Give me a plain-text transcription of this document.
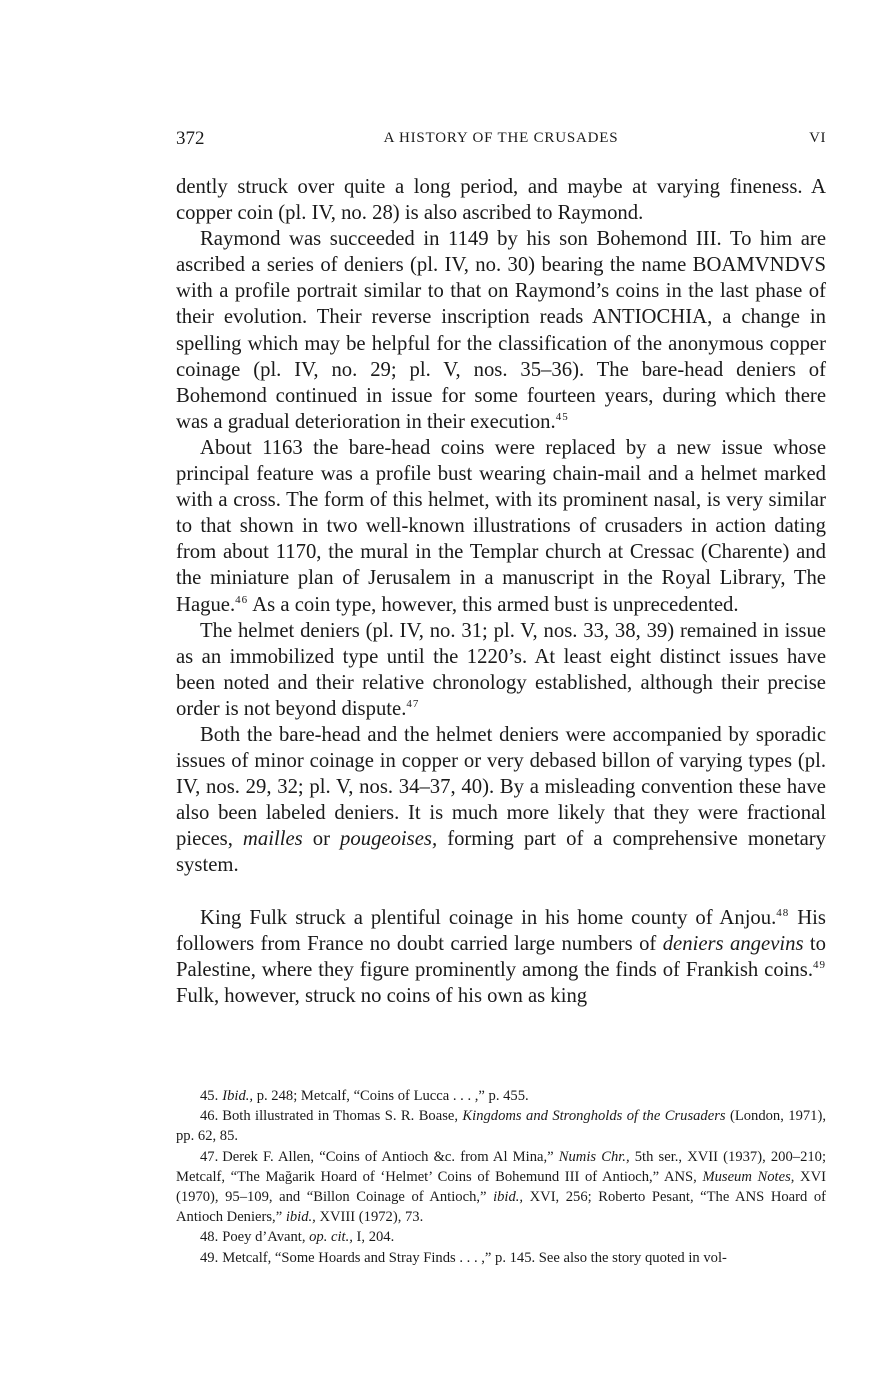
372	A HISTORY OF THE CRUSADES	VI

dently struck over quite a long period, and maybe at varying fineness. A copper coin (pl. IV, no. 28) is also ascribed to Raymond.

Raymond was succeeded in 1149 by his son Bohemond III. To him are ascribed a series of deniers (pl. IV, no. 30) bearing the name BOAMVNDVS with a profile portrait similar to that on Raymond’s coins in the last phase of their evolution. Their reverse inscription reads ANTIOCHIA, a change in spelling which may be helpful for the classification of the anonymous copper coinage (pl. IV, no. 29; pl. V, nos. 35–36). The bare-head deniers of Bohemond continued in issue for some fourteen years, during which there was a gradual deterioration in their execution.$^{45}$

About 1163 the bare-head coins were replaced by a new issue whose principal feature was a profile bust wearing chain-mail and a helmet marked with a cross. The form of this helmet, with its prominent nasal, is very similar to that shown in two well-known illustrations of crusaders in action dating from about 1170, the mural in the Templar church at Cressac (Charente) and the miniature plan of Jerusalem in a manuscript in the Royal Library, The Hague.$^{46}$ As a coin type, however, this armed bust is unprecedented.

The helmet deniers (pl. IV, no. 31; pl. V, nos. 33, 38, 39) remained in issue as an immobilized type until the 1220’s. At least eight distinct issues have been noted and their relative chronology established, although their precise order is not beyond dispute.$^{47}$

Both the bare-head and the helmet deniers were accompanied by sporadic issues of minor coinage in copper or very debased billon of varying types (pl. IV, nos. 29, 32; pl. V, nos. 34–37, 40). By a misleading convention these have also been labeled deniers. It is much more likely that they were fractional pieces, mailles or pougeoises, forming part of a comprehensive monetary system.

King Fulk struck a plentiful coinage in his home county of Anjou.$^{48}$ His followers from France no doubt carried large numbers of deniers angevins to Palestine, where they figure prominently among the finds of Frankish coins.$^{49}$ Fulk, however, struck no coins of his own as king

45. Ibid., p. 248; Metcalf, “Coins of Lucca . . . ,” p. 455.

46. Both illustrated in Thomas S. R. Boase, Kingdoms and Strongholds of the Crusaders (London, 1971), pp. 62, 85.

47. Derek F. Allen, “Coins of Antioch &c. from Al Mina,” Numis Chr., 5th ser., XVII (1937), 200–210; Metcalf, “The Mağarik Hoard of ‘Helmet’ Coins of Bohemund III of Antioch,” ANS, Museum Notes, XVI (1970), 95–109, and “Billon Coinage of Antioch,” ibid., XVI, 256; Roberto Pesant, “The ANS Hoard of Antioch Deniers,” ibid., XVIII (1972), 73.

48. Poey d’Avant, op. cit., I, 204.

49. Metcalf, “Some Hoards and Stray Finds . . . ,” p. 145. See also the story quoted in vol-
